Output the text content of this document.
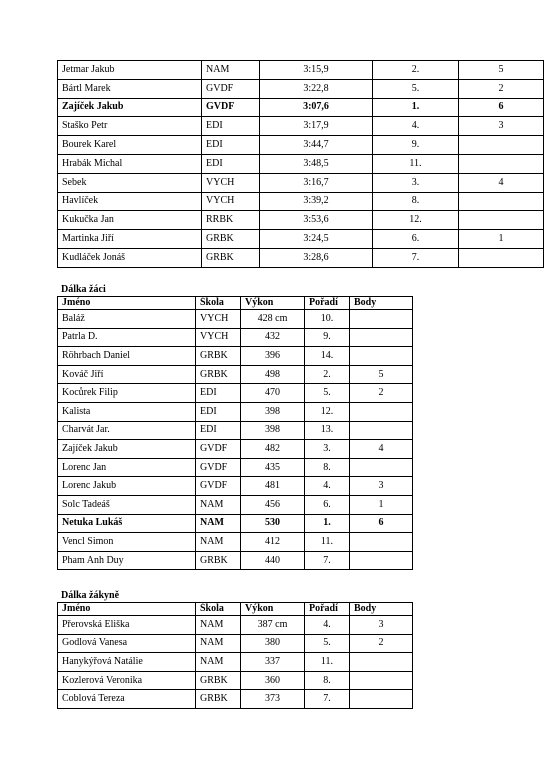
Jetmar Jakub	NAM	3:15,9	2.	5
Bártl Marek	GVDF	3:22,8	5.	2
Zajíček Jakub	GVDF	3:07,6	1.	6
Staško Petr	EDI	3:17,9	4.	3
Bourek Karel	EDI	3:44,7	9.	
Hrabák Michal	EDI	3:48,5	11.	
Sebek	VYCH	3:16,7	3.	4
Havlíček	VYCH	3:39,2	8.	
Kukučka Jan	RRBK	3:53,6	12.	
Martinka Jiří	GRBK	3:24,5	6.	1
Kudláček Jonáš	GRBK	3:28,6	7.	
Dálka žáci
Jméno	Škola	Výkon	Pořadí	Body
Baláž	VYCH	428 cm	10.	
Patrla D.	VYCH	432	9.	
Röhrbach Daniel	GRBK	396	14.	
Kováč Jiří	GRBK	498	2.	5
Kocůrek Filip	EDI	470	5.	2
Kalista	EDI	398	12.	
Charvát Jar.	EDI	398	13.	
Zajíček Jakub	GVDF	482	3.	4
Lorenc Jan	GVDF	435	8.	
Lorenc Jakub	GVDF	481	4.	3
Solc Tadeáš	NAM	456	6.	1
Netuka Lukáš	NAM	530	1.	6
Vencl Simon	NAM	412	11.	
Pham Anh Duy	GRBK	440	7.	
Dálka žákyně
Jméno	Škola	Výkon	Pořadí	Body
Přerovská Eliška	NAM	387 cm	4.	3
Godlová Vanesa	NAM	380	5.	2
Hanykýřová Natálie	NAM	337	11.	
Kozlerová Veronika	GRBK	360	8.	
Coblová Tereza	GRBK	373	7.	
